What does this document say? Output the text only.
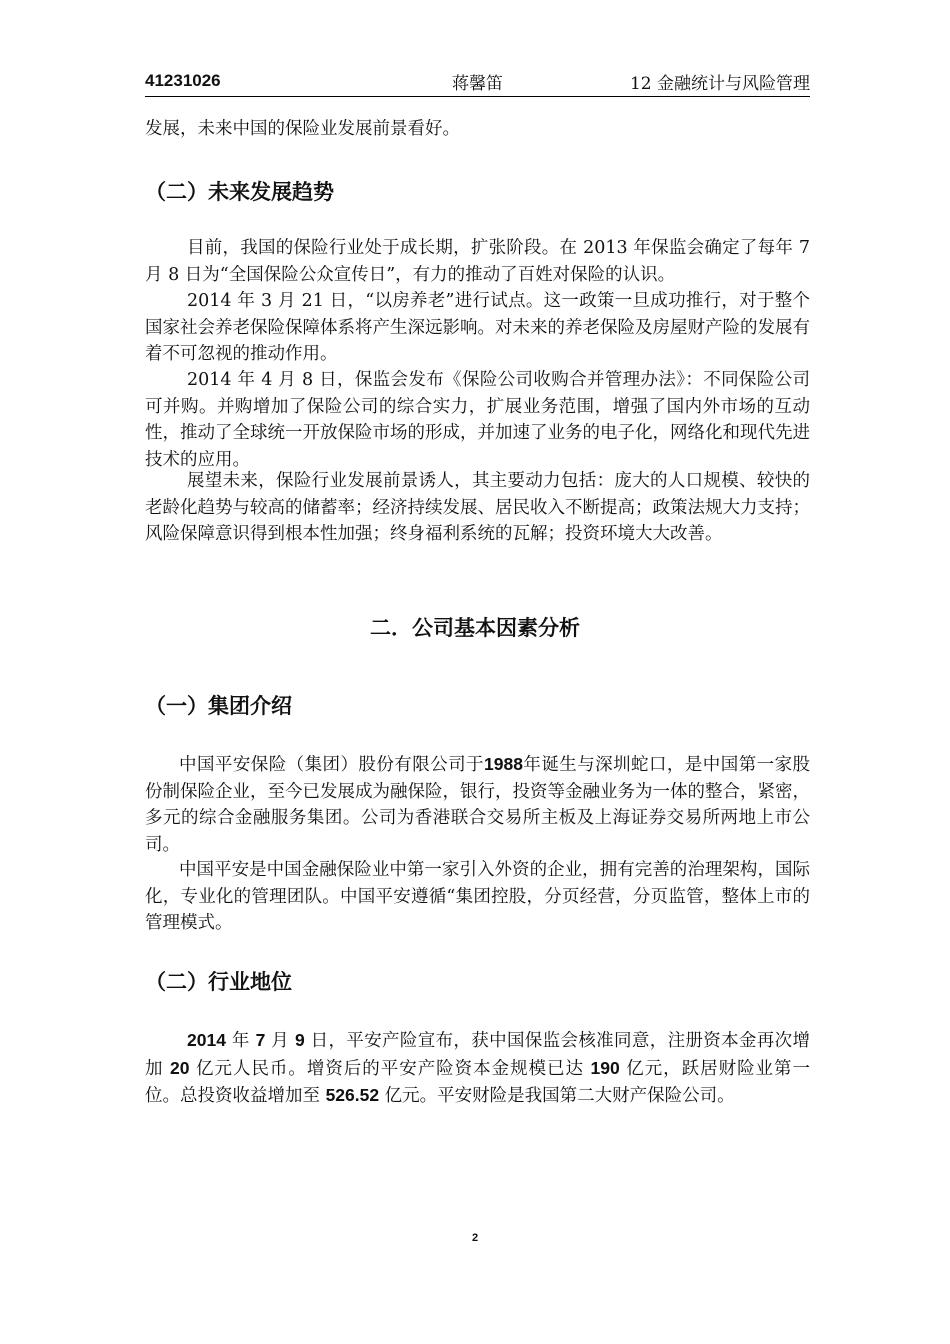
41231026	蒋馨笛	12 金融统计与风险管理

发展，未来中国的保险业发展前景看好。

（二）未来发展趋势

目前，我国的保险行业处于成长期，扩张阶段。在 2013 年保监会确定了每年 7 月 8 日为“全国保险公众宣传日”，有力的推动了百姓对保险的认识。

2014 年 3 月 21 日，“以房养老”进行试点。这一政策一旦成功推行，对于整个国家社会养老保险保障体系将产生深远影响。对未来的养老保险及房屋财产险的发展有着不可忽视的推动作用。

2014 年 4 月 8 日，保监会发布《保险公司收购合并管理办法》：不同保险公司可并购。并购增加了保险公司的综合实力，扩展业务范围，增强了国内外市场的互动性，推动了全球统一开放保险市场的形成，并加速了业务的电子化，网络化和现代先进技术的应用。

展望未来，保险行业发展前景诱人，其主要动力包括：庞大的人口规模、较快的老龄化趋势与较高的储蓄率；经济持续发展、居民收入不断提高；政策法规大力支持；风险保障意识得到根本性加强；终身福利系统的瓦解；投资环境大大改善。

二．公司基本因素分析
（一）集团介绍

中国平安保险（集团）股份有限公司于1988年诞生与深圳蛇口，是中国第一家股份制保险企业，至今已发展成为融保险，银行，投资等金融业务为一体的整合，紧密，多元的综合金融服务集团。公司为香港联合交易所主板及上海证券交易所两地上市公司。

中国平安是中国金融保险业中第一家引入外资的企业，拥有完善的治理架构，国际化，专业化的管理团队。中国平安遵循“集团控股，分页经营，分页监管，整体上市的管理模式。

（二）行业地位

2014 年 7 月 9 日，平安产险宣布，获中国保监会核准同意，注册资本金再次增加 20 亿元人民币。增资后的平安产险资本金规模已达 190 亿元，跃居财险业第一位。总投资收益增加至 526.52 亿元。平安财险是我国第二大财产保险公司。

2
